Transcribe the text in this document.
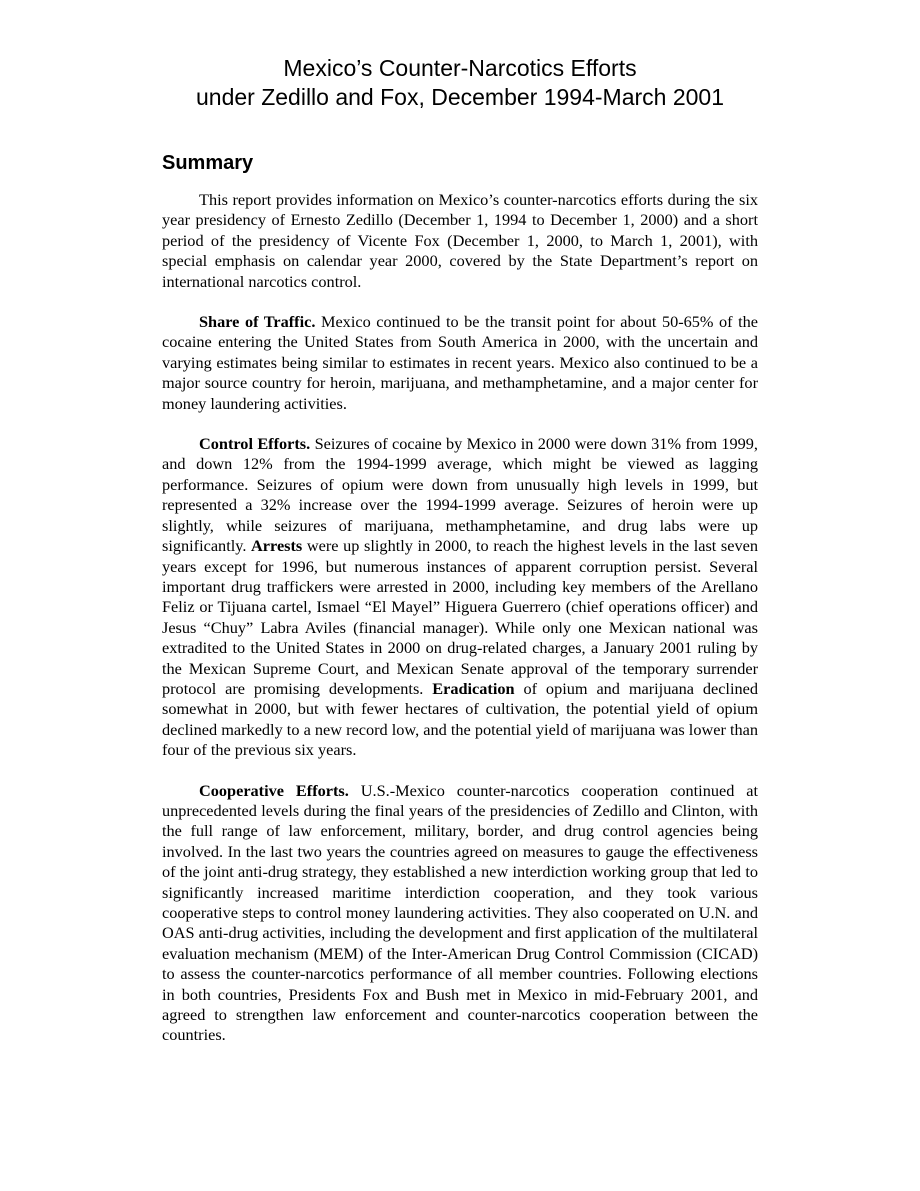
Mexico’s Counter-Narcotics Efforts
under Zedillo and Fox, December 1994-March 2001
Summary

This report provides information on Mexico’s counter-narcotics efforts during the six year presidency of Ernesto Zedillo (December 1, 1994 to December 1, 2000) and a short period of the presidency of Vicente Fox (December 1, 2000, to March 1, 2001), with special emphasis on calendar year 2000, covered by the State Department’s report on international narcotics control.

Share of Traffic. Mexico continued to be the transit point for about 50-65% of the cocaine entering the United States from South America in 2000, with the uncertain and varying estimates being similar to estimates in recent years. Mexico also continued to be a major source country for heroin, marijuana, and methamphetamine, and a major center for money laundering activities.

Control Efforts. Seizures of cocaine by Mexico in 2000 were down 31% from 1999, and down 12% from the 1994-1999 average, which might be viewed as lagging performance. Seizures of opium were down from unusually high levels in 1999, but represented a 32% increase over the 1994-1999 average. Seizures of heroin were up slightly, while seizures of marijuana, methamphetamine, and drug labs were up significantly. Arrests were up slightly in 2000, to reach the highest levels in the last seven years except for 1996, but numerous instances of apparent corruption persist. Several important drug traffickers were arrested in 2000, including key members of the Arellano Feliz or Tijuana cartel, Ismael “El Mayel” Higuera Guerrero (chief operations officer) and Jesus “Chuy” Labra Aviles (financial manager). While only one Mexican national was extradited to the United States in 2000 on drug-related charges, a January 2001 ruling by the Mexican Supreme Court, and Mexican Senate approval of the temporary surrender protocol are promising developments. Eradication of opium and marijuana declined somewhat in 2000, but with fewer hectares of cultivation, the potential yield of opium declined markedly to a new record low, and the potential yield of marijuana was lower than four of the previous six years.

Cooperative Efforts. U.S.-Mexico counter-narcotics cooperation continued at unprecedented levels during the final years of the presidencies of Zedillo and Clinton, with the full range of law enforcement, military, border, and drug control agencies being involved. In the last two years the countries agreed on measures to gauge the effectiveness of the joint anti-drug strategy, they established a new interdiction working group that led to significantly increased maritime interdiction cooperation, and they took various cooperative steps to control money laundering activities. They also cooperated on U.N. and OAS anti-drug activities, including the development and first application of the multilateral evaluation mechanism (MEM) of the Inter-American Drug Control Commission (CICAD) to assess the counter-narcotics performance of all member countries. Following elections in both countries, Presidents Fox and Bush met in Mexico in mid-February 2001, and agreed to strengthen law enforcement and counter-narcotics cooperation between the countries.
